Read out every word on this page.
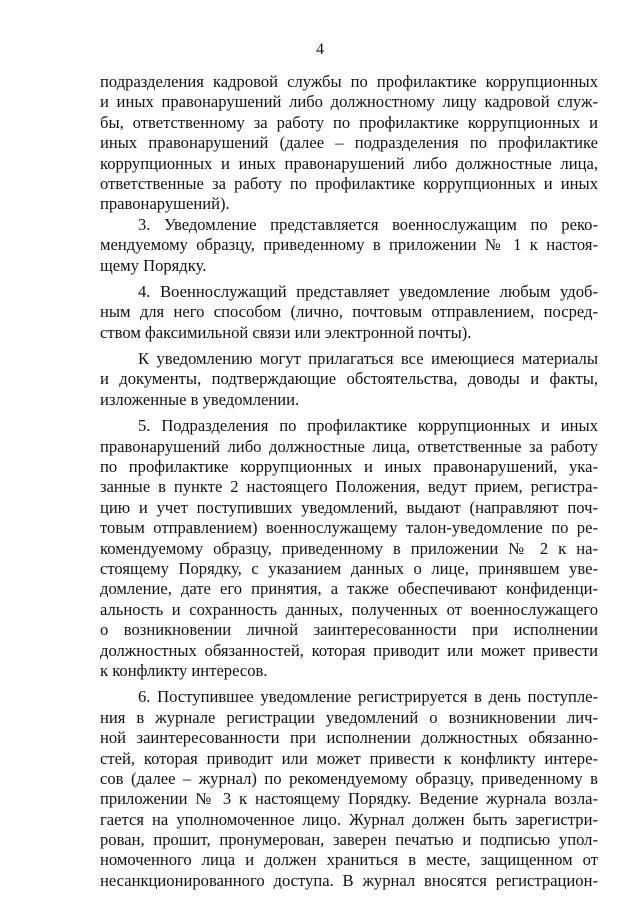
4
подразделения кадровой службы по профилактике коррупционных
и иных правонарушений либо должностному лицу кадровой служ-
бы, ответственному за работу по профилактике коррупционных и
иных правонарушений (далее – подразделения по профилактике
коррупционных и иных правонарушений либо должностные лица,
ответственные за работу по профилактике коррупционных и иных
правонарушений).
3. Уведомление представляется военнослужащим по реко-
мендуемому образцу, приведенному в приложении № 1 к настоя-
щему Порядку.
4. Военнослужащий представляет уведомление любым удоб-
ным для него способом (лично, почтовым отправлением, посред-
ством факсимильной связи или электронной почты).
К уведомлению могут прилагаться все имеющиеся материалы
и документы, подтверждающие обстоятельства, доводы и факты,
изложенные в уведомлении.
5. Подразделения по профилактике коррупционных и иных
правонарушений либо должностные лица, ответственные за работу
по профилактике коррупционных и иных правонарушений, ука-
занные в пункте 2 настоящего Положения, ведут прием, регистра-
цию и учет поступивших уведомлений, выдают (направляют поч-
товым отправлением) военнослужащему талон-уведомление по ре-
комендуемому образцу, приведенному в приложении № 2 к на-
стоящему Порядку, с указанием данных о лице, принявшем уве-
домление, дате его принятия, а также обеспечивают конфиденци-
альность и сохранность данных, полученных от военнослужащего
о возникновении личной заинтересованности при исполнении
должностных обязанностей, которая приводит или может привести
к конфликту интересов.
6. Поступившее уведомление регистрируется в день поступле-
ния в журнале регистрации уведомлений о возникновении лич-
ной заинтересованности при исполнении должностных обязанно-
стей, которая приводит или может привести к конфликту интере-
сов (далее – журнал) по рекомендуемому образцу, приведенному в
приложении № 3 к настоящему Порядку. Ведение журнала возла-
гается на уполномоченное лицо. Журнал должен быть зарегистри-
рован, прошит, пронумерован, заверен печатью и подписью упол-
номоченного лица и должен храниться в месте, защищенном от
несанкционированного доступа. В журнал вносятся регистрацион-
